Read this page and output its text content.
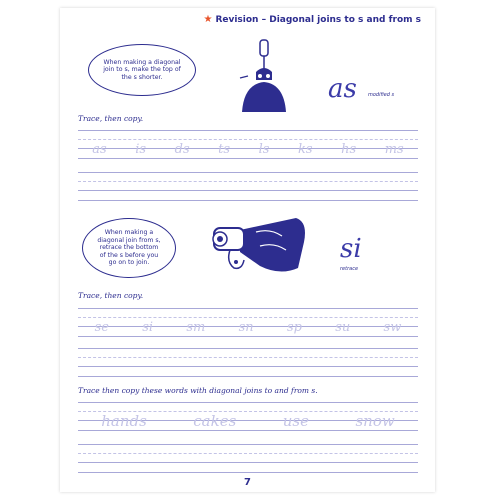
★ Revision – Diagonal joins to s and from s
When making a diagonal
join to s, make the top of
the s shorter.	as modified s
Trace, then copy.
as is ds ts ls ks hs ms
When making a
diagonal join from s,
retrace the bottom
of the s before you
go on to join.	si
retrace
Trace, then copy.
se	si	sm	sn	sp	su	sw
Trace then copy these words with diagonal joins to and from s.
hands	cakes	use	snow
7
